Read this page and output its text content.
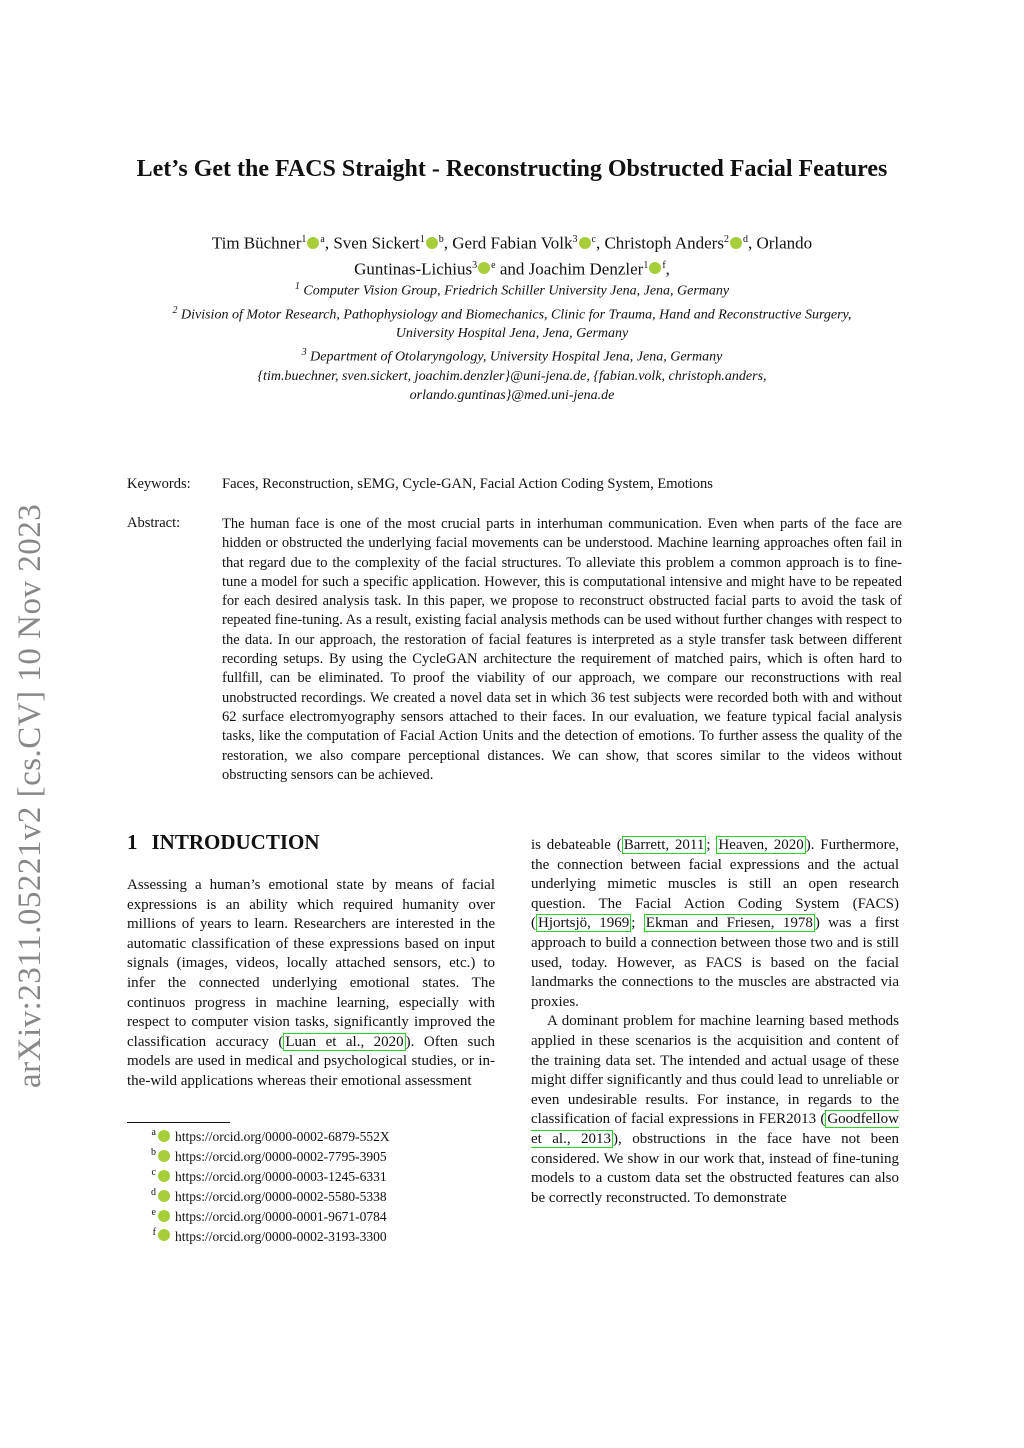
arXiv:2311.05221v2 [cs.CV] 10 Nov 2023
Let’s Get the FACS Straight - Reconstructing Obstructed Facial Features
Tim Büchner$^1$ $^a$, Sven Sickert$^1$ $^b$, Gerd Fabian Volk$^3$ $^c$, Christoph Anders$^2$ $^d$, Orlando
Guntinas-Lichius$^3$ $^e$ and Joachim Denzler$^1$ $^f$,
$^1$ Computer Vision Group, Friedrich Schiller University Jena, Jena, Germany
$^2$ Division of Motor Research, Pathophysiology and Biomechanics, Clinic for Trauma, Hand and Reconstructive Surgery,
University Hospital Jena, Jena, Germany
$^3$ Department of Otolaryngology, University Hospital Jena, Jena, Germany
{tim.buechner, sven.sickert, joachim.denzler}@uni-jena.de, {fabian.volk, christoph.anders,
orlando.guntinas}@med.uni-jena.de
Keywords: Faces, Reconstruction, sEMG, Cycle-GAN, Facial Action Coding System, Emotions
Abstract:	The human face is one of the most crucial parts in interhuman communication. Even when parts of the face are hidden or obstructed the underlying facial movements can be understood. Machine learning approaches often fail in that regard due to the complexity of the facial structures. To alleviate this problem a common approach is to fine-tune a model for such a specific application. However, this is computational intensive and might have to be repeated for each desired analysis task. In this paper, we propose to reconstruct obstructed facial parts to avoid the task of repeated fine-tuning. As a result, existing facial analysis methods can be used without further changes with respect to the data. In our approach, the restoration of facial features is interpreted as a style transfer task between different recording setups. By using the CycleGAN architecture the requirement of matched pairs, which is often hard to fullfill, can be eliminated. To proof the viability of our approach, we compare our reconstructions with real unobstructed recordings. We created a novel data set in which 36 test subjects were recorded both with and without 62 surface electromyography sensors attached to their faces. In our evaluation, we feature typical facial analysis tasks, like the computation of Facial Action Units and the detection of emotions. To further assess the quality of the restoration, we also compare perceptional distances. We can show, that scores similar to the videos without obstructing sensors can be achieved.
1 INTRODUCTION

Assessing a human’s emotional state by means of facial expressions is an ability which required humanity over millions of years to learn. Researchers are interested in the automatic classification of these expressions based on input signals (images, videos, locally attached sensors, etc.) to infer the connected underlying emotional states. The continuos progress in machine learning, especially with respect to computer vision tasks, significantly improved the classification accuracy ( Luan et al., 2020 ). Often such models are used in medical and psychological studies, or in-the-wild applications whereas their emotional assessment

is debateable ( Barrett, 2011 ; Heaven, 2020 ). Furthermore, the connection between facial expressions and the actual underlying mimetic muscles is still an open research question. The Facial Action Coding System (FACS) ( Hjortsjö, 1969 ; Ekman and Friesen, 1978 ) was a first approach to build a connection between those two and is still used, today. However, as FACS is based on the facial landmarks the connections to the muscles are abstracted via proxies.

A dominant problem for machine learning based methods applied in these scenarios is the acquisition and content of the training data set. The intended and actual usage of these might differ significantly and thus could lead to unreliable or even undesirable results. For instance, in regards to the classification of facial expressions in FER2013 ( Goodfellow et al., 2013 ), obstructions in the face have not been considered. We show in our work that, instead of fine-tuning models to a custom data set the obstructed features can also be correctly reconstructed. To demonstrate

a https://orcid.org/0000-0002-6879-552X
b https://orcid.org/0000-0002-7795-3905
c https://orcid.org/0000-0003-1245-6331
d https://orcid.org/0000-0002-5580-5338
e https://orcid.org/0000-0001-9671-0784
f https://orcid.org/0000-0002-3193-3300
